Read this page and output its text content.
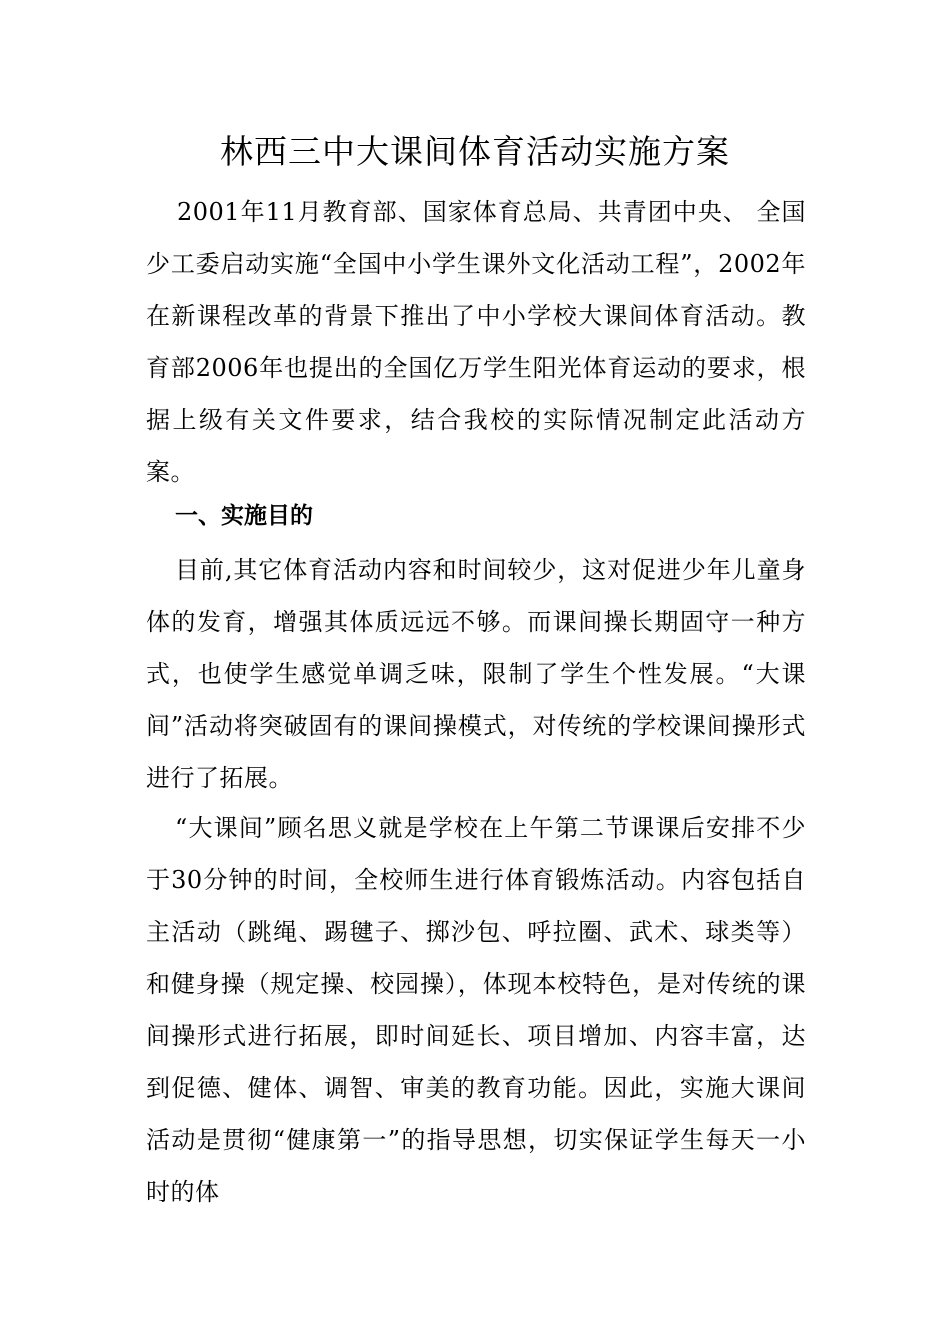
林西三中大课间体育活动实施方案
2001年11月教育部、国家体育总局、共青团中央、 全国少工委启动实施“全国中小学生课外文化活动工程”，2002年在新课程改革的背景下推出了中小学校大课间体育活动。教育部2006年也提出的全国亿万学生阳光体育运动的要求，根据上级有关文件要求，结合我校的实际情况制定此活动方案。
一、实施目的
目前,其它体育活动内容和时间较少，这对促进少年儿童身体的发育，增强其体质远远不够。而课间操长期固守一种方式，也使学生感觉单调乏味，限制了学生个性发展。“大课间”活动将突破固有的课间操模式，对传统的学校课间操形式进行了拓展。
“大课间”顾名思义就是学校在上午第二节课课后安排不少于30分钟的时间，全校师生进行体育锻炼活动。内容包括自主活动（跳绳、踢毽子、掷沙包、呼拉圈、武术、球类等）和健身操（规定操、校园操），体现本校特色，是对传统的课间操形式进行拓展，即时间延长、项目增加、内容丰富，达到促德、健体、调智、审美的教育功能。因此，实施大课间活动是贯彻“健康第一”的指导思想，切实保证学生每天一小时的体
